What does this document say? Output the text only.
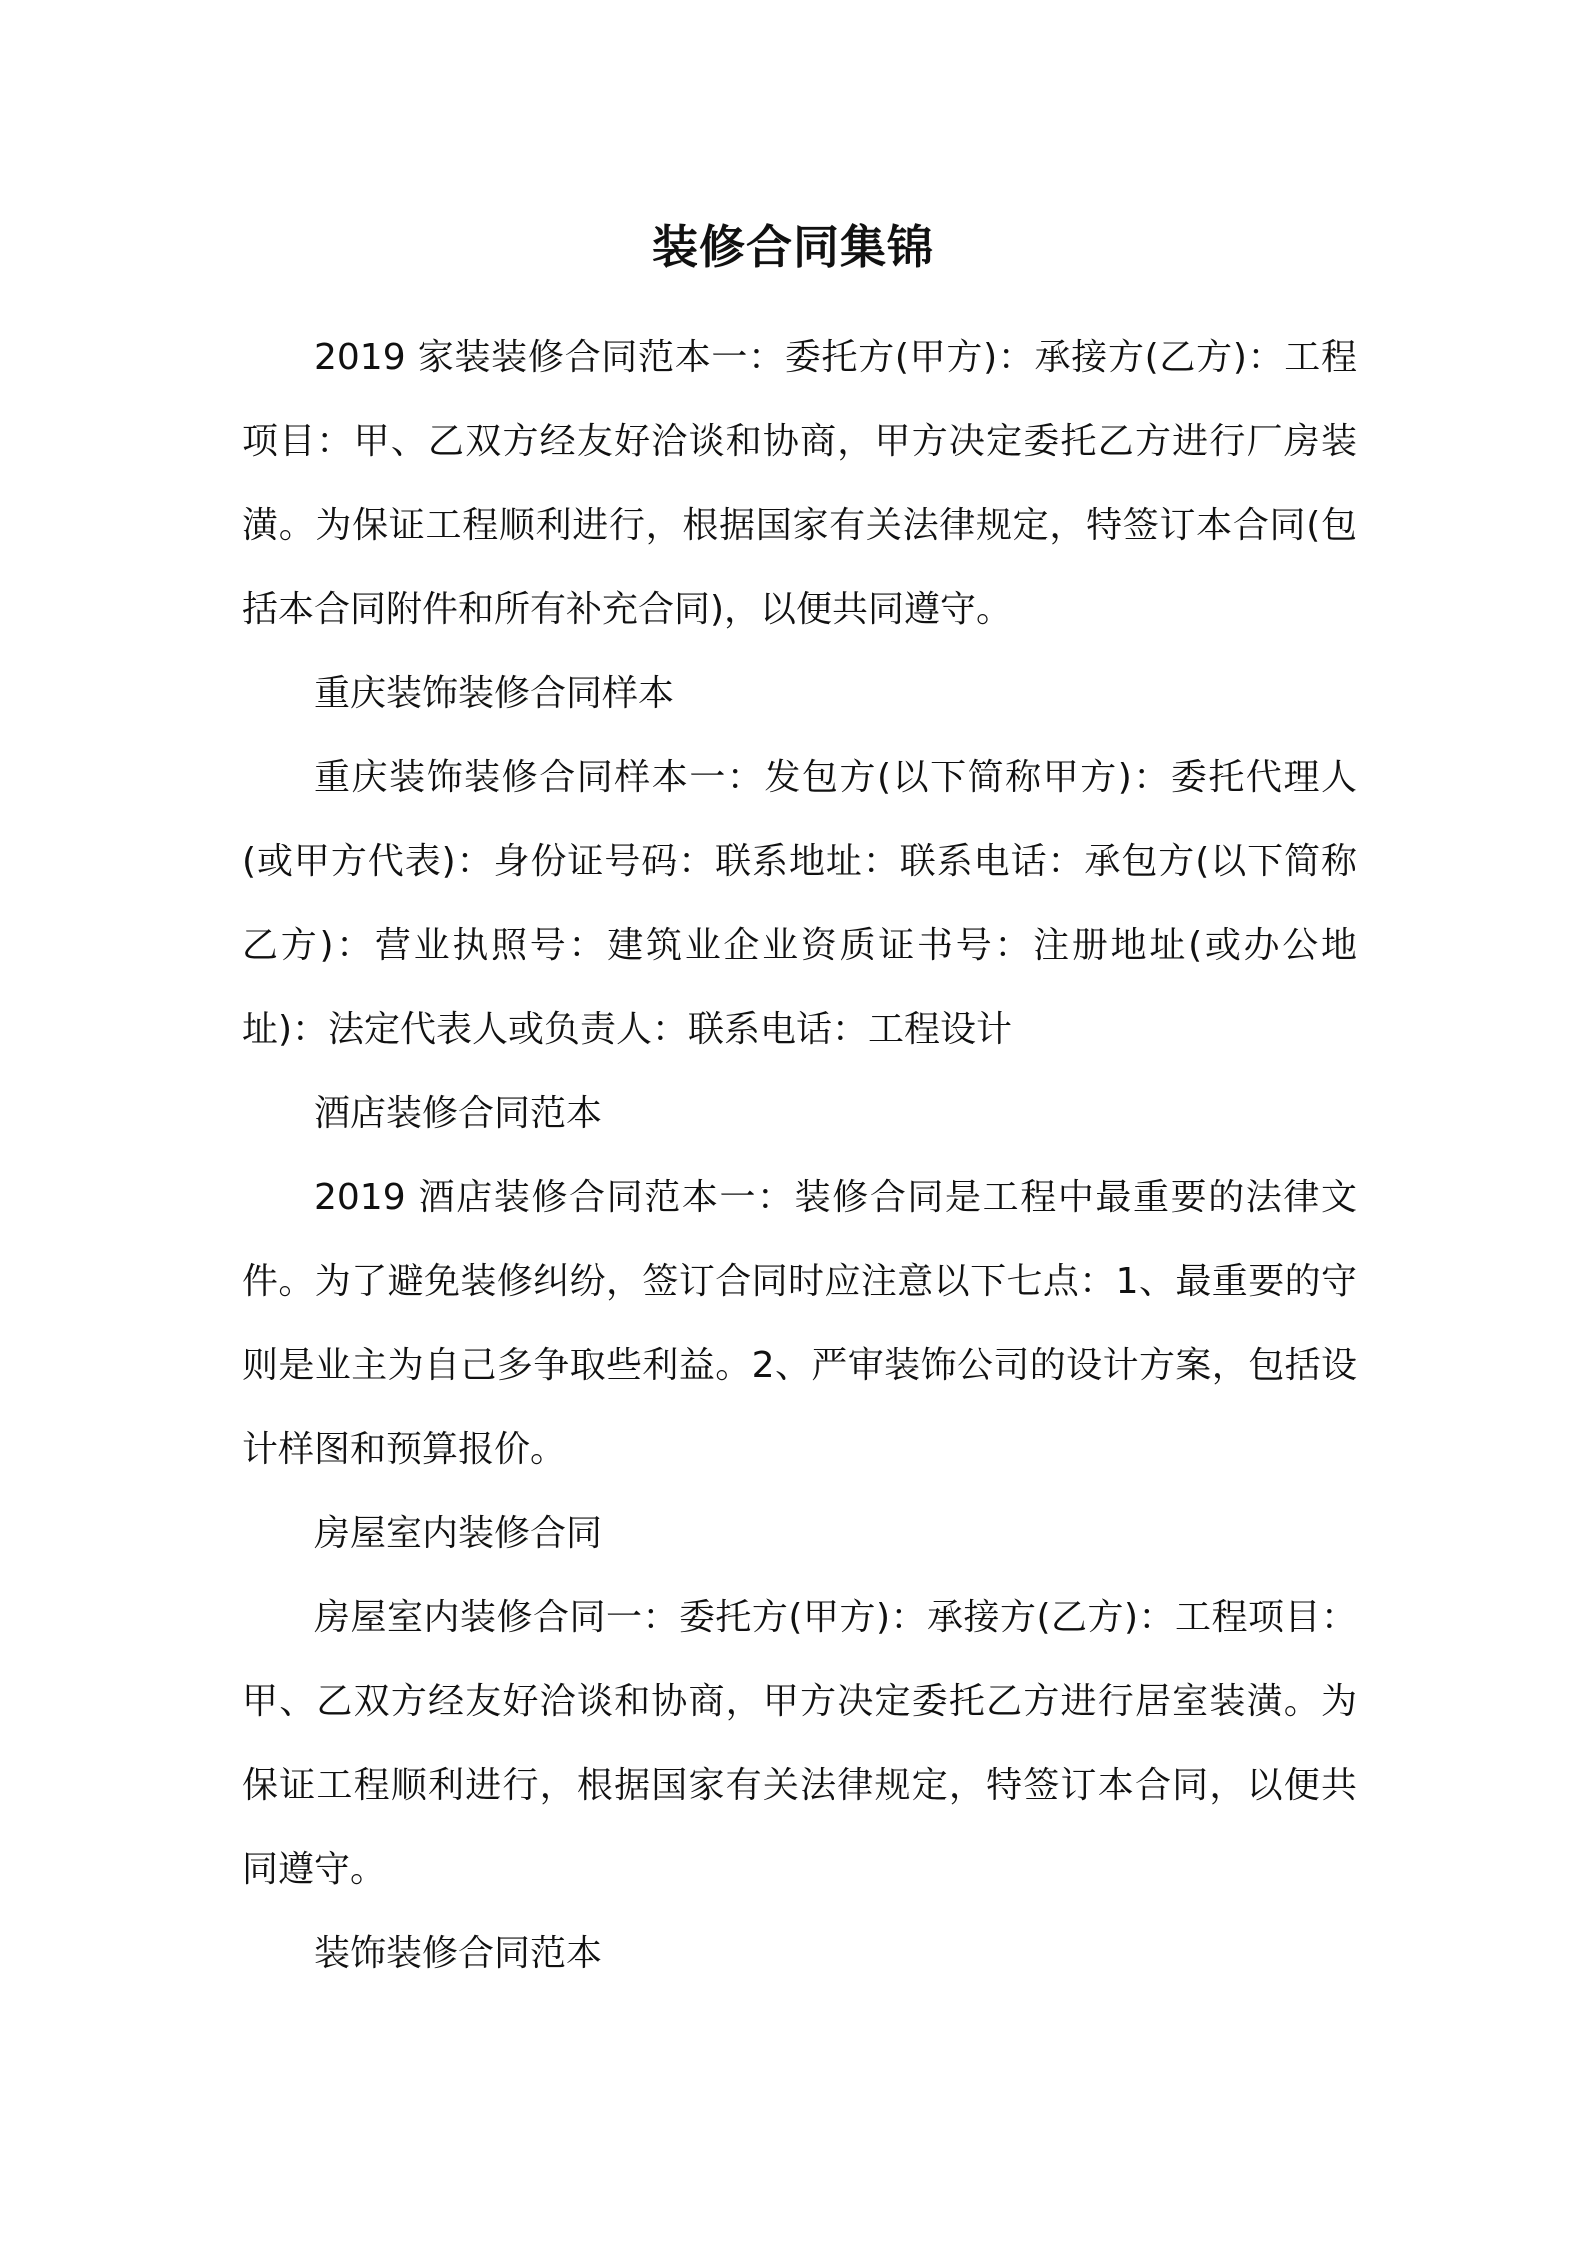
装修合同集锦

2019 家装装修合同范本一：委托方(甲方)：承接方(乙方)：工程项目：甲、乙双方经友好洽谈和协商，甲方决定委托乙方进行厂房装潢。为保证工程顺利进行，根据国家有关法律规定，特签订本合同(包括本合同附件和所有补充合同)，以便共同遵守。

重庆装饰装修合同样本

重庆装饰装修合同样本一：发包方(以下简称甲方)：委托代理人(或甲方代表)：身份证号码：联系地址：联系电话：承包方(以下简称乙方)：营业执照号：建筑业企业资质证书号：注册地址(或办公地址)：法定代表人或负责人：联系电话：工程设计

酒店装修合同范本

2019 酒店装修合同范本一：装修合同是工程中最重要的法律文件。为了避免装修纠纷，签订合同时应注意以下七点：1、最重要的守则是业主为自己多争取些利益。2、严审装饰公司的设计方案，包括设计样图和预算报价。

房屋室内装修合同

房屋室内装修合同一：委托方(甲方)：承接方(乙方)：工程项目：甲、乙双方经友好洽谈和协商，甲方决定委托乙方进行居室装潢。为保证工程顺利进行，根据国家有关法律规定，特签订本合同，以便共同遵守。

装饰装修合同范本
